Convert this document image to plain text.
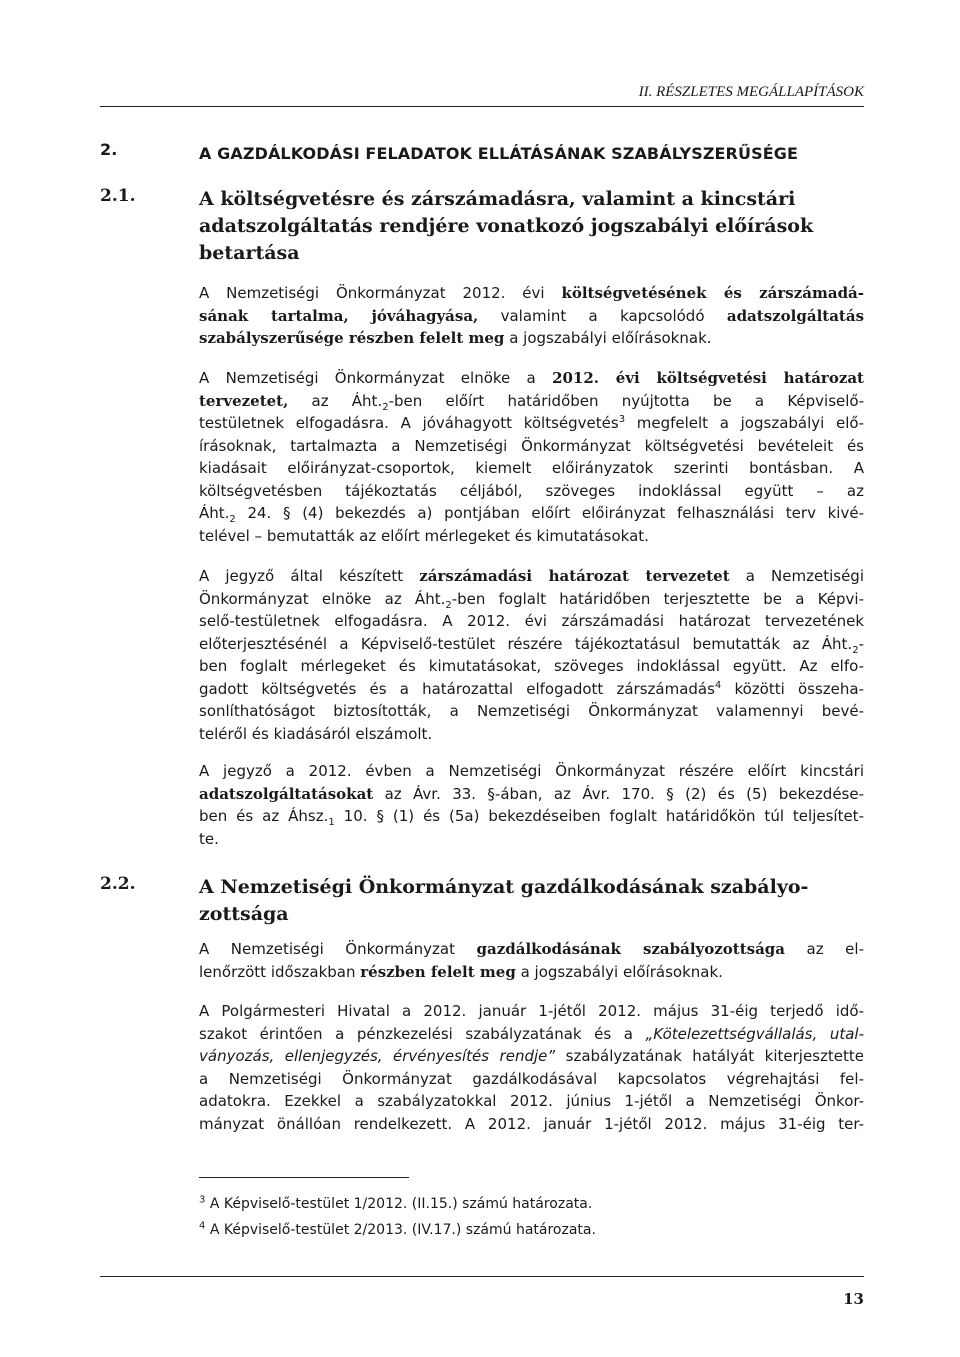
II. RÉSZLETES MEGÁLLAPÍTÁSOK
2.	A GAZDÁLKODÁSI FELADATOK ELLÁTÁSÁNAK SZABÁLYSZERŰSÉGE
2.1.	A költségvetésre és zárszámadásra, valamint a kincstári
adatszolgáltatás rendjére vonatkozó jogszabályi előírások
betartása
A Nemzetiségi Önkormányzat 2012. évi költségvetésének és zárszámadá-
sának tartalma, jóváhagyása, valamint a kapcsolódó adatszolgáltatás
szabályszerűsége részben felelt meg a jogszabályi előírásoknak.
A Nemzetiségi Önkormányzat elnöke a 2012. évi költségvetési határozat
tervezetet, az $Áht._2$-ben előírt határidőben nyújtotta be a Képviselő-
testületnek elfogadásra. A jóváhagyott költségvetés$^3$ megfelelt a jogszabályi elő-
írásoknak, tartalmazta a Nemzetiségi Önkormányzat költségvetési bevételeit és
kiadásait előirányzat-csoportok, kiemelt előirányzatok szerinti bontásban. A
költségvetésben tájékoztatás céljából, szöveges indoklással együtt – az
$Áht._2$ 24. § (4) bekezdés a) pontjában előírt előirányzat felhasználási terv kivé-
telével – bemutatták az előírt mérlegeket és kimutatásokat.
A jegyző által készített zárszámadási határozat tervezetet a Nemzetiségi
Önkormányzat elnöke az $Áht._2$-ben foglalt határidőben terjesztette be a Képvi-
selő-testületnek elfogadásra. A 2012. évi zárszámadási határozat tervezetének
előterjesztésénél a Képviselő-testület részére tájékoztatásul bemutatták az $Áht._2-$
ben foglalt mérlegeket és kimutatásokat, szöveges indoklással együtt. Az elfo-
gadott költségvetés és a határozattal elfogadott zárszámadás$^4$ közötti összeha-
sonlíthatóságot biztosították, a Nemzetiségi Önkormányzat valamennyi bevé-
teléről és kiadásáról elszámolt.
A jegyző a 2012. évben a Nemzetiségi Önkormányzat részére előírt kincstári
adatszolgáltatásokat az Ávr. 33. §-ában, az Ávr. 170. § (2) és (5) bekezdése-
ben és az $Áhsz._1$ 10. § (1) és (5a) bekezdéseiben foglalt határidőkön túl teljesítet-
te.
2.2.	A Nemzetiségi Önkormányzat gazdálkodásának szabályo-
zottsága
A Nemzetiségi Önkormányzat gazdálkodásának szabályozottsága az el-
lenőrzött időszakban részben felelt meg a jogszabályi előírásoknak.
A Polgármesteri Hivatal a 2012. január 1-jétől 2012. május 31-éig terjedő idő-
szakot érintően a pénzkezelési szabályzatának és a „Kötelezettségvállalás, utal-
ványozás, ellenjegyzés, érvényesítés rendje” szabályzatának hatályát kiterjesztette
a Nemzetiségi Önkormányzat gazdálkodásával kapcsolatos végrehajtási fel-
adatokra. Ezekkel a szabályzatokkal 2012. június 1-jétől a Nemzetiségi Önkor-
mányzat önállóan rendelkezett. A 2012. január 1-jétől 2012. május 31-éig ter-
$^3$ A Képviselő-testület 1/2012. (II.15.) számú határozata.
$^4$ A Képviselő-testület 2/2013. (IV.17.) számú határozata.
13
